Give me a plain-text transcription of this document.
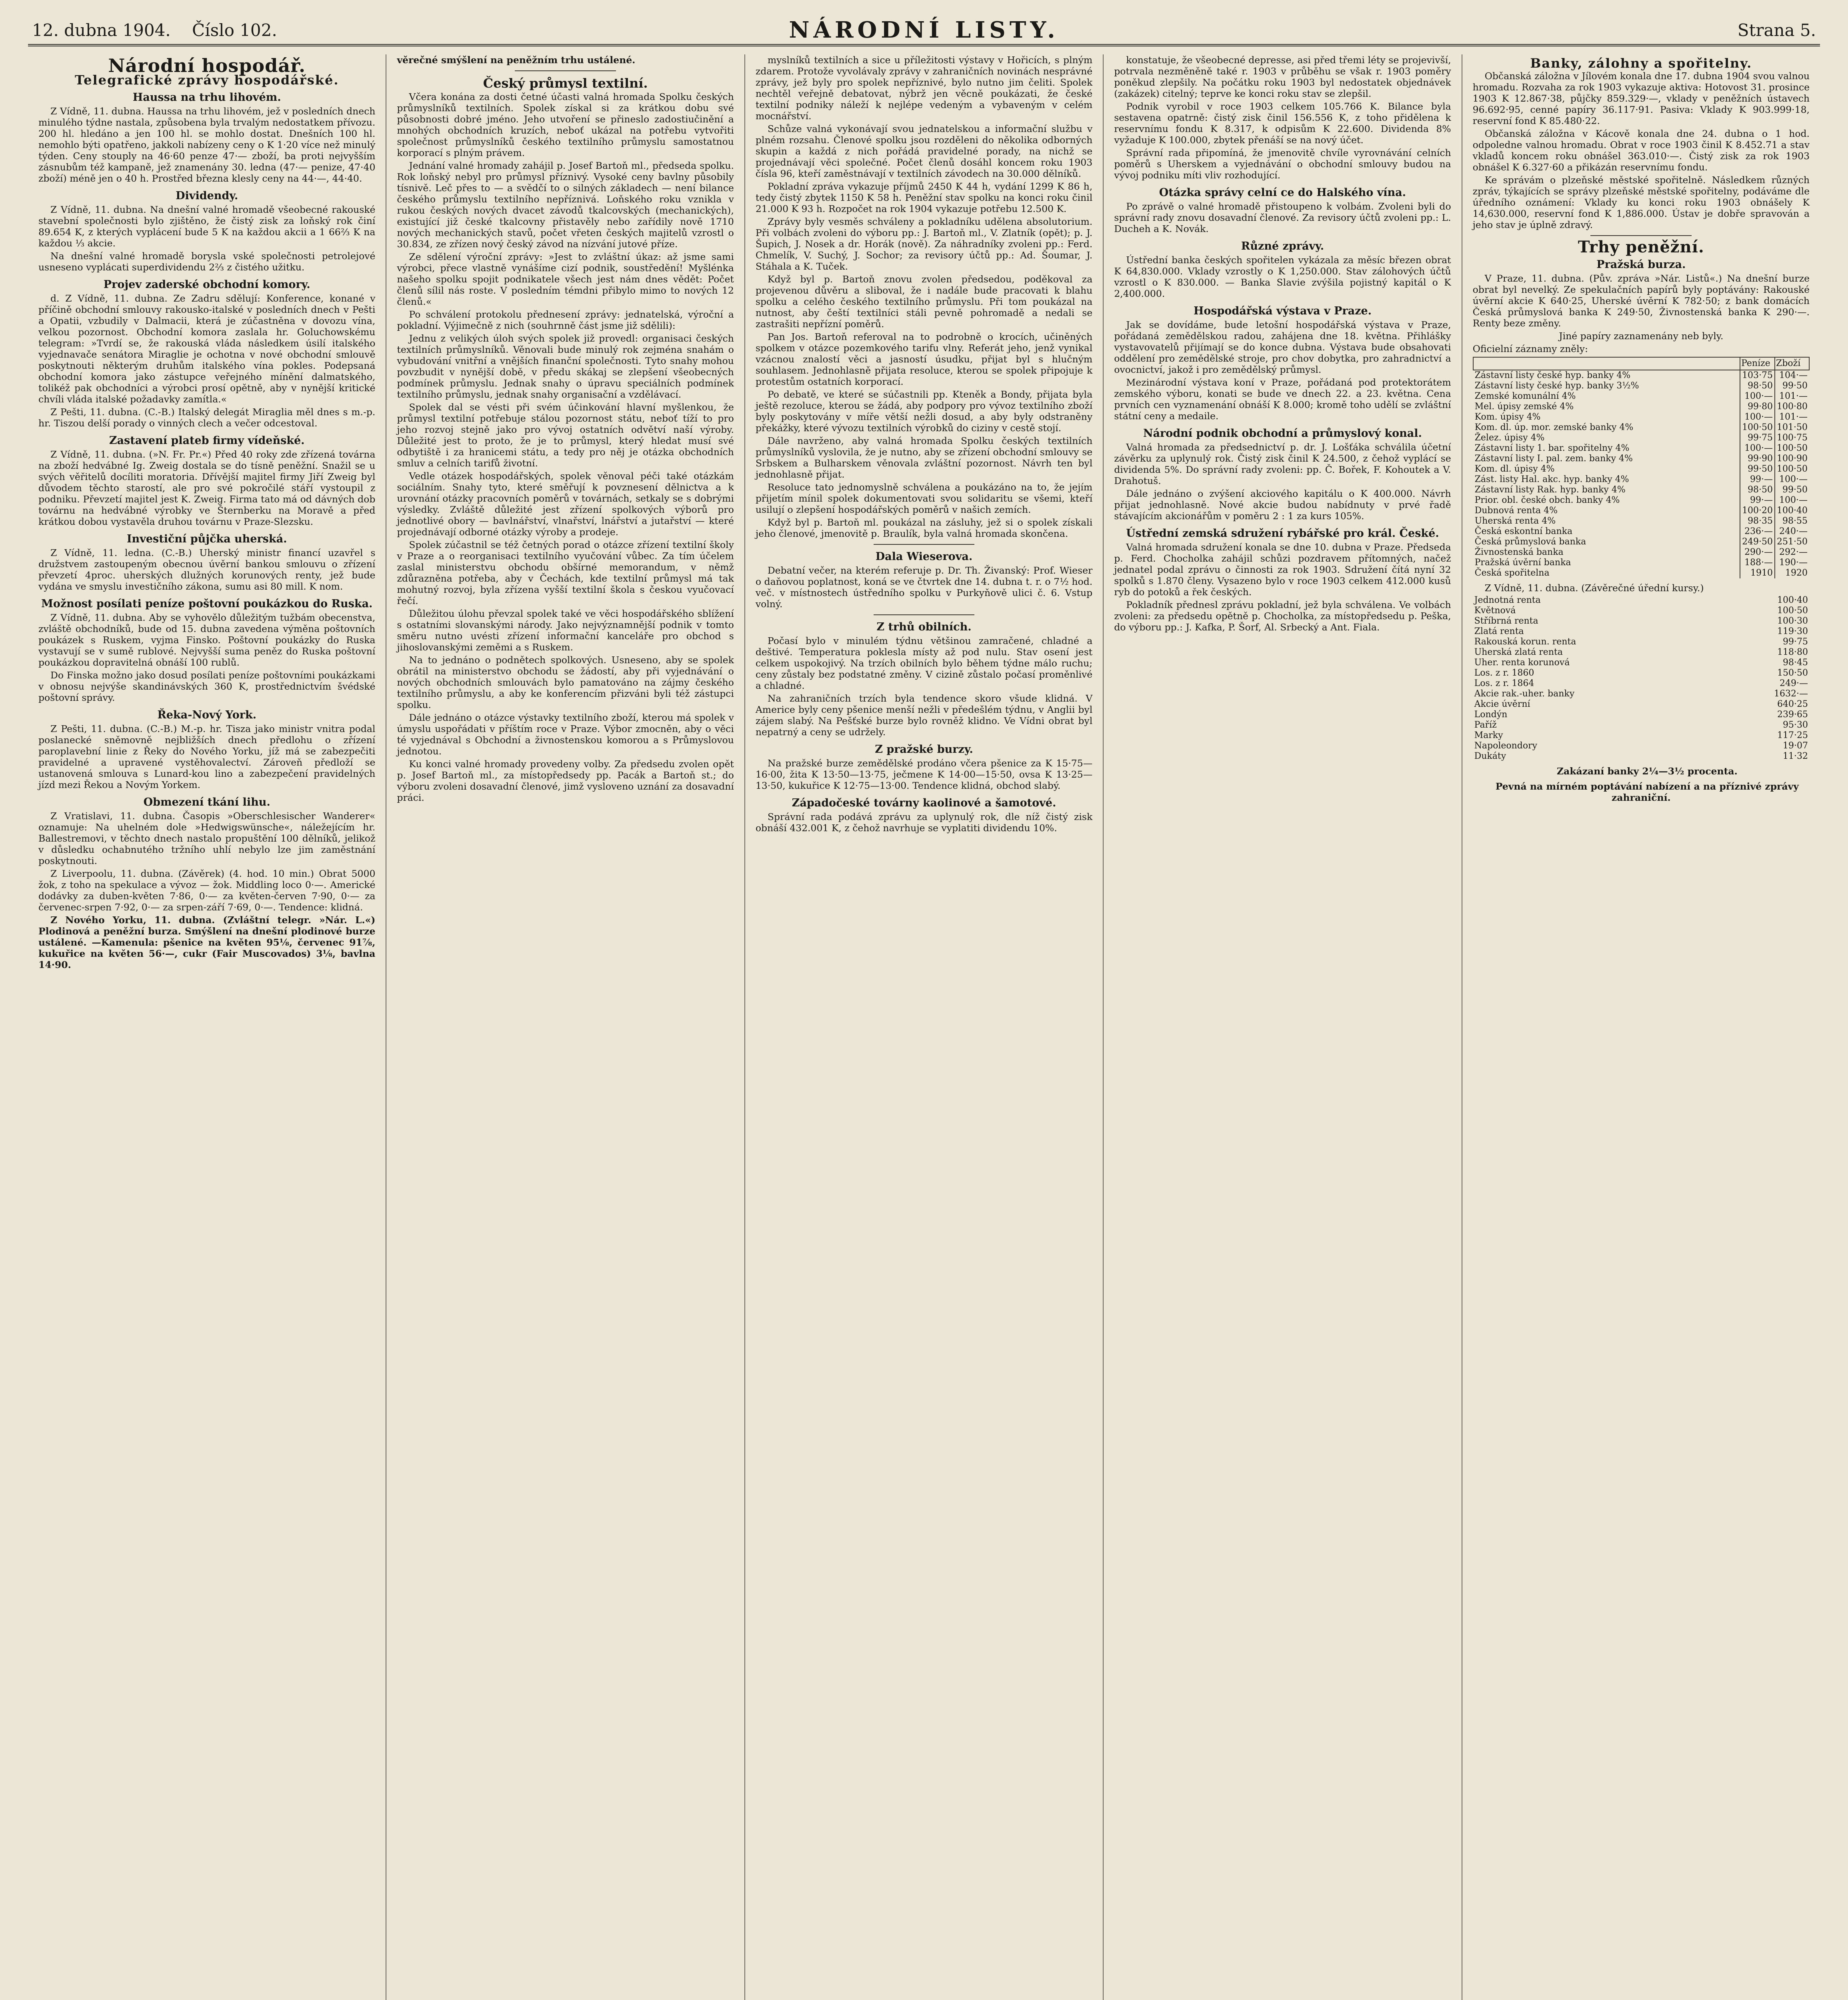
12. dubna 1904. Číslo 102.	NÁRODNÍ LISTY.	Strana 5.
Národní hospodář.
Telegrafické zprávy hospodářské.
Haussa na trhu lihovém.

Z Vídně, 11. dubna. Haussa na trhu lihovém, jež v posledních dnech minulého týdne nastala, způsobena byla trvalým nedostatkem přívozu. 200 hl. hledáno a jen 100 hl. se mohlo dostat. Dnešních 100 hl. nemohlo býti opatřeno, jakkoli nabízeny ceny o K 1·20 více než minulý týden. Ceny stouply na 46·60 penze 47·— zboží, ba proti nejvyšším zásnubům též kampaně, jež znamenány 30. ledna (47·— penize, 47·40 zboží) méně jen o 40 h. Prostřed března klesly ceny na 44·—, 44·40.

Dividendy.

Z Vídně, 11. dubna. Na dnešní valné hromadě všeobecné rakouské stavební společnosti bylo zjištěno, že čistý zisk za loňský rok činí 89.654 K, z kterých vyplácení bude 5 K na každou akcii a 1 66⅔ K na každou ⅓ akcie.

Na dnešní valné hromadě borysla vské společnosti petrolejové usneseno vyplácati superdividendu 2⅔ z čistého užitku.

Projev zaderské obchodní komory.

d. Z Vídně, 11. dubna. Ze Zadru sdělují: Konference, konané v příčině obchodní smlouvy rakousko-italské v posledních dnech v Pešti a Opatii, vzbudily v Dalmacii, která je zúčastněna v dovozu vína, velkou pozornost. Obchodní komora zaslala hr. Goluchowskému telegram: »Tvrdí se, že rakouská vláda následkem úsilí italského vyjednavače senátora Miraglie je ochotna v nové obchodní smlouvě poskytnouti některým druhům italského vína pokles. Podepsaná obchodní komora jako zástupce veřejného mínění dalmatského, tolikéž pak obchodníci a výrobci prosí opětně, aby v nynější kritické chvíli vláda italské požadavky zamítla.«

Z Pešti, 11. dubna. (C.-B.) Italský delegát Miraglia měl dnes s m.-p. hr. Tiszou delší porady o vinných clech a večer odcestoval.

Zastavení plateb firmy vídeňské.

Z Vídně, 11. dubna. (»N. Fr. Pr.«) Před 40 roky zde zřízená továrna na zboží hedvábné Ig. Zweig dostala se do tísně peněžní. Snažil se u svých věřitelů docíliti moratoria. Dřívější majitel firmy Jiří Zweig byl důvodem těchto starostí, ale pro své pokročilé stáří vystoupil z podniku. Převzetí majitel jest K. Zweig. Firma tato má od dávných dob továrnu na hedvábné výrobky ve Šternberku na Moravě a před krátkou dobou vystavěla druhou továrnu v Praze-Slezsku.

Investiční půjčka uherská.

Z Vídně, 11. ledna. (C.-B.) Uherský ministr financí uzavřel s družstvem zastoupeným obecnou úvěrní bankou smlouvu o zřízení převzetí 4proc. uherských dlužných korunových renty, jež bude vydána ve smyslu investičního zákona, sumu asi 80 mill. K nom.

Možnost posílati peníze poštovní poukázkou do Ruska.

Z Vídně, 11. dubna. Aby se vyhovělo důležitým tužbám obecenstva, zvláště obchodníků, bude od 15. dubna zavedena výměna poštovních poukázek s Ruskem, vyjma Finsko. Poštovní poukázky do Ruska vystavují se v sumě rublové. Nejvyšší suma peněz do Ruska poštovní poukázkou dopravitelná obnáší 100 rublů.

Do Finska možno jako dosud posílati peníze poštovními poukázkami v obnosu nejvýše skandinávských 360 K, prostřednictvím švédské poštovní správy.

Řeka-Nový York.

Z Pešti, 11. dubna. (C.-B.) M.-p. hr. Tisza jako ministr vnitra podal poslanecké sněmovně nejbližších dnech předlohu o zřízení paroplavební linie z Řeky do Nového Yorku, jíž má se zabezpečiti pravidelné a upravené vystěhovalectví. Zároveň předloží se ustanovená smlouva s Lunard-kou lino a zabezpečení pravidelných jízd mezi Řekou a Novým Yorkem.

Obmezení tkání lihu.

Z Vratislavi, 11. dubna. Časopis »Oberschlesischer Wanderer« oznamuje: Na uhelném dole »Hedwigswünsche«, náležejícím hr. Ballestremovi, v těchto dnech nastalo propuštění 100 dělníků, jelikož v důsledku ochabnutého tržního uhlí nebylo lze jim zaměstnání poskytnouti.

Z Liverpoolu, 11. dubna. (Závěrek) (4. hod. 10 min.) Obrat 5000 žok, z toho na spekulace a vývoz — žok. Middling loco 0·—. Americké dodávky za duben-květen 7·86, 0·— za květen-červen 7·90, 0·— za červenec-srpen 7·92, 0·— za srpen-září 7·69, 0·—. Tendence: klidná.

Z Nového Yorku, 11. dubna. (Zvláštní telegr. »Nár. L.«) Plodinová a peněžní burza. Smýšlení na dnešní plodinové burze ustálené. —Kamenula: pšenice na květen 95⅛, červenec 91⅞, kukuřice na květen 56·—, cukr (Fair Muscovados) 3⅛, bavlna 14·90.

věrečné smýšlení na peněžním trhu ustálené.

Český průmysl textilní.

Včera konána za dosti četné účasti valná hromada Spolku českých průmyslníků textilních. Spolek získal si za krátkou dobu své působnosti dobré jméno. Jeho utvoření se přineslo zadostiučinění a mnohých obchodních kruzích, neboť ukázal na potřebu vytvořiti společnost průmyslníků českého textilního průmyslu samostatnou korporací s plným právem.

Jednání valné hromady zahájil p. Josef Bartoň ml., předseda spolku. Rok loňský nebyl pro průmysl příznivý. Vysoké ceny bavlny působily tísnivě. Leč přes to — a svědčí to o silných základech — není bilance českého průmyslu textilního nepříznivá. Loňského roku vznikla v rukou českých nových dvacet závodů tkalcovských (mechanických), existující již české tkalcovny přistavěly nebo zařídily nově 1710 nových mechanických stavů, počet vřeten českých majitelů vzrostl o 30.834, ze zřízen nový český závod na nízvání jutové příze.

Ze sdělení výroční zprávy: »Jest to zvláštní úkaz: až jsme sami výrobci, přece vlastně vynášíme cizí podnik, soustředění! Myšlénka našeho spolku spojit podnikatele všech jest nám dnes vědět: Počet členů sílil nás roste. V posledním témdni přibylo mimo to nových 12 členů.«

Po schválení protokolu přednesení zprávy: jednatelská, výroční a pokladní. Výjimečně z nich (souhrnně část jsme již sdělili):

Jednu z velikých úloh svých spolek již provedl: organisaci českých textilních průmyslníků. Věnovali bude minulý rok zejména snahám o vybudování vnitřní a vnějších finanční společnosti. Tyto snahy mohou povzbudit v nynější době, v předu skákaj se zlepšení všeobecných podmínek průmyslu. Jednak snahy o úpravu speciálních podmínek textilního průmyslu, jednak snahy organisační a vzdělávací.

Spolek dal se vésti při svém účinkování hlavní myšlenkou, že průmysl textilní potřebuje stálou pozornost státu, neboť tíží to pro jeho rozvoj stejně jako pro vývoj ostatních odvětví naší výroby. Důležité jest to proto, že je to průmysl, který hledat musí své odbytiště i za hranicemi státu, a tedy pro něj je otázka obchodních smluv a celních tarifů životní.

Vedle otázek hospodářských, spolek věnoval péči také otázkám sociálním. Snahy tyto, které směřují k povznesení dělnictva a k urovnání otázky pracovních poměrů v továrnách, setkaly se s dobrými výsledky. Zvláště důležité jest zřízení spolkových výborů pro jednotlivé obory — bavlnářství, vlnařství, lnářství a jutařství — které projednávají odborné otázky výroby a prodeje.

Spolek zúčastnil se též četných porad o otázce zřízení textilní školy v Praze a o reorganisaci textilního vyučování vůbec. Za tím účelem zaslal ministerstvu obchodu obšírné memorandum, v němž zdůrazněna potřeba, aby v Čechách, kde textilní průmysl má tak mohutný rozvoj, byla zřízena vyšší textilní škola s českou vyučovací řečí.

Důležitou úlohu převzal spolek také ve věci hospodářského sblížení s ostatními slovanskými národy. Jako nejvýznamnější podnik v tomto směru nutno uvésti zřízení informační kanceláře pro obchod s jihoslovanskými zeměmi a s Ruskem.

Na to jednáno o podnětech spolkových. Usneseno, aby se spolek obrátil na ministerstvo obchodu se žádostí, aby při vyjednávání o nových obchodních smlouvách bylo pamatováno na zájmy českého textilního průmyslu, a aby ke konferencím přizváni byli též zástupci spolku.

Dále jednáno o otázce výstavky textilního zboží, kterou má spolek v úmyslu uspořádati v příštím roce v Praze. Výbor zmocněn, aby o věci té vyjednával s Obchodní a živnostenskou komorou a s Průmyslovou jednotou.

Ku konci valné hromady provedeny volby. Za předsedu zvolen opět p. Josef Bartoň ml., za místopředsedy pp. Pacák a Bartoň st.; do výboru zvoleni dosavadní členové, jimž vysloveno uznání za dosavadní práci.

myslníků textilních a sice u příležitosti výstavy v Hořicích, s plným zdarem. Protože vyvolávaly zprávy v zahraničních novinách nesprávné zprávy, jež byly pro spolek nepříznivé, bylo nutno jim čeliti. Spolek nechtěl veřejně debatovat, nýbrž jen věcně poukázati, že české textilní podniky náleží k nejlépe vedeným a vybaveným v celém mocnářství.

Schůze valná vykonávají svou jednatelskou a informační službu v plném rozsahu. Členové spolku jsou rozděleni do několika odborných skupin a každá z nich pořádá pravidelné porady, na nichž se projednávají věci společné. Počet členů dosáhl koncem roku 1903 čísla 96, kteří zaměstnávají v textilních závodech na 30.000 dělníků.

Pokladní zpráva vykazuje příjmů 2450 K 44 h, vydání 1299 K 86 h, tedy čistý zbytek 1150 K 58 h. Peněžní stav spolku na konci roku činil 21.000 K 93 h. Rozpočet na rok 1904 vykazuje potřebu 12.500 K.

Zprávy byly vesměs schváleny a pokladníku udělena absolutorium. Při volbách zvoleni do výboru pp.: J. Bartoň ml., V. Zlatník (opět); p. J. Šupich, J. Nosek a dr. Horák (nově). Za náhradníky zvoleni pp.: Ferd. Chmelík, V. Suchý, J. Sochor; za revisory účtů pp.: Ad. Šoumar, J. Stáhala a K. Tuček.

Když byl p. Bartoň znovu zvolen předsedou, poděkoval za projevenou důvěru a sliboval, že i nadále bude pracovati k blahu spolku a celého českého textilního průmyslu. Při tom poukázal na nutnost, aby čeští textilníci stáli pevně pohromadě a nedali se zastrašiti nepřízní poměrů.

Pan Jos. Bartoň referoval na to podrobně o krocích, učiněných spolkem v otázce pozemkového tarifu vlny. Referát jeho, jenž vynikal vzácnou znalostí věci a jasností úsudku, přijat byl s hlučným souhlasem. Jednohlasně přijata resoluce, kterou se spolek připojuje k protestům ostatních korporací.

Po debatě, ve které se súčastnili pp. Kteněk a Bondy, přijata byla ještě rezoluce, kterou se žádá, aby podpory pro vývoz textilního zboží byly poskytovány v míře větší nežli dosud, a aby byly odstraněny překážky, které vývozu textilních výrobků do ciziny v cestě stojí.

Dále navrženo, aby valná hromada Spolku českých textilních průmyslníků vyslovila, že je nutno, aby se zřízení obchodní smlouvy se Srbskem a Bulharskem věnovala zvláštní pozornost. Návrh ten byl jednohlasně přijat.

Resoluce tato jednomyslně schválena a poukázáno na to, že jejím přijetím mínil spolek dokumentovati svou solidaritu se všemi, kteří usilují o zlepšení hospodářských poměrů v našich zemích.

Když byl p. Bartoň ml. poukázal na zásluhy, jež si o spolek získali jeho členové, jmenovitě p. Braulík, byla valná hromada skončena.

Dala Wieserova.

Debatní večer, na kterém referuje p. Dr. Th. Živanský: Prof. Wieser o daňovou poplatnost, koná se ve čtvrtek dne 14. dubna t. r. o 7½ hod. več. v místnostech ústředního spolku v Purkyňově ulici č. 6. Vstup volný.

Z trhů obilních.

Počasí bylo v minulém týdnu většinou zamračené, chladné a deštivé. Temperatura poklesla místy až pod nulu. Stav osení jest celkem uspokojivý. Na trzích obilních bylo během týdne málo ruchu; ceny zůstaly bez podstatné změny. V cizině zůstalo počasí proměnlivé a chladné.

Na zahraničních trzích byla tendence skoro všude klidná. V Americe byly ceny pšenice menší nežli v předešlém týdnu, v Anglii byl zájem slabý. Na Pešťské burze bylo rovněž klidno. Ve Vídni obrat byl nepatrný a ceny se udržely.

Z pražské burzy.

Na pražské burze zemědělské prodáno včera pšenice za K 15·75—16·00, žita K 13·50—13·75, ječmene K 14·00—15·50, ovsa K 13·25—13·50, kukuřice K 12·75—13·00. Tendence klidná, obchod slabý.

Západočeské továrny kaolinové a šamotové.

Správní rada podává zprávu za uplynulý rok, dle níž čistý zisk obnáší 432.001 K, z čehož navrhuje se vyplatiti dividendu 10%.

konstatuje, že všeobecné depresse, asi před třemi léty se projevivší, potrvala nezměněně také r. 1903 v průběhu se však r. 1903 poměry poněkud zlepšily. Na počátku roku 1903 byl nedostatek objednávek (zakázek) citelný; teprve ke konci roku stav se zlepšil.

Podnik vyrobil v roce 1903 celkem 105.766 K. Bilance byla sestavena opatrně: čistý zisk činil 156.556 K, z toho přidělena k reservnímu fondu K 8.317, k odpisům K 22.600. Dividenda 8% vyžaduje K 100.000, zbytek přenáší se na nový účet.

Správní rada připomíná, že jmenovitě chvíle vyrovnávání celních poměrů s Uherskem a vyjednávání o obchodní smlouvy budou na vývoj podniku míti vliv rozhodující.

Otázka správy celní ce do Halského vína.

Po zprávě o valné hromadě přistoupeno k volbám. Zvoleni byli do správní rady znovu dosavadní členové. Za revisory účtů zvoleni pp.: L. Ducheh a K. Novák.

Různé zprávy.

Ústřední banka českých spořitelen vykázala za měsíc březen obrat K 64,830.000. Vklady vzrostly o K 1,250.000. Stav zálohových účtů vzrostl o K 830.000. — Banka Slavie zvýšila pojistný kapitál o K 2,400.000.

Hospodářská výstava v Praze.

Jak se dovídáme, bude letošní hospodářská výstava v Praze, pořádaná zemědělskou radou, zahájena dne 18. května. Přihlášky vystavovatelů přijímají se do konce dubna. Výstava bude obsahovati oddělení pro zemědělské stroje, pro chov dobytka, pro zahradnictví a ovocnictví, jakož i pro zemědělský průmysl.

Mezinárodní výstava koní v Praze, pořádaná pod protektorátem zemského výboru, konati se bude ve dnech 22. a 23. května. Cena prvních cen vyznamenání obnáší K 8.000; kromě toho udělí se zvláštní státní ceny a medaile.

Národní podnik obchodní a průmyslový konal.

Valná hromada za předsednictví p. dr. J. Lošťáka schválila účetní závěrku za uplynulý rok. Čistý zisk činil K 24.500, z čehož vyplácí se dividenda 5%. Do správní rady zvoleni: pp. Č. Bořek, F. Kohoutek a V. Drahotuš.

Dále jednáno o zvýšení akciového kapitálu o K 400.000. Návrh přijat jednohlasně. Nové akcie budou nabídnuty v prvé řadě stávajícím akcionářům v poměru 2 : 1 za kurs 105%.

Ústřední zemská sdružení rybářské pro král. České.

Valná hromada sdružení konala se dne 10. dubna v Praze. Předseda p. Ferd. Chocholka zahájil schůzi pozdravem přítomných, načež jednatel podal zprávu o činnosti za rok 1903. Sdružení čítá nyní 32 spolků s 1.870 členy. Vysazeno bylo v roce 1903 celkem 412.000 kusů ryb do potoků a řek českých.

Pokladník přednesl zprávu pokladní, jež byla schválena. Ve volbách zvoleni: za předsedu opětně p. Chocholka, za místopředsedu p. Peška, do výboru pp.: J. Kafka, P. Šorf, Al. Srbecký a Ant. Fiala.

Banky, zálohny a spořitelny.

Občanská záložna v Jílovém konala dne 17. dubna 1904 svou valnou hromadu. Rozvaha za rok 1903 vykazuje aktiva: Hotovost 31. prosince 1903 K 12.867·38, půjčky 859.329·—, vklady v peněžních ústavech 96.692·95, cenné papíry 36.117·91. Pasiva: Vklady K 903.999·18, reservní fond K 85.480·22.

Občanská záložna v Kácově konala dne 24. dubna o 1 hod. odpoledne valnou hromadu. Obrat v roce 1903 činil K 8.452.71 a stav vkladů koncem roku obnášel 363.010·—. Čistý zisk za rok 1903 obnášel K 6.327·60 a přikázán reservnímu fondu.

Ke správám o plzeňské městské spořitelně. Následkem různých zpráv, týkajících se správy plzeňské městské spořitelny, podáváme dle úředního oznámení: Vklady ku konci roku 1903 obnášely K 14,630.000, reservní fond K 1,886.000. Ústav je dobře spravován a jeho stav je úplně zdravý.

Trhy peněžní.
Pražská burza.

V Praze, 11. dubna. (Pův. zpráva »Nár. Listů«.) Na dnešní burze obrat byl nevelký. Ze spekulačních papírů byly poptávány: Rakouské úvěrní akcie K 640·25, Uherské úvěrní K 782·50; z bank domácích Česká průmyslová banka K 249·50, Živnostenská banka K 290·—. Renty beze změny.

Jiné papíry zaznamenány neb byly.

Oficielní záznamy zněly:

	Peníze	Zboží
Zástavní listy české hyp. banky 4%	103·75	104·—
Zástavní listy české hyp. banky 3½%	98·50	99·50
Zemské komunální 4%	100·—	101·—
Mel. úpisy zemské 4%	99·80	100·80
Kom. úpisy 4%	100·—	101·—
Kom. dl. úp. mor. zemské banky 4%	100·50	101·50
Želez. úpisy 4%	99·75	100·75
Zástavní listy 1. bar. spořitelny 4%	100·—	100·50
Zástavní listy I. pal. zem. banky 4%	99·90	100·90
Kom. dl. úpisy 4%	99·50	100·50
Zást. listy Hal. akc. hyp. banky 4%	99·—	100·—
Zástavní listy Rak. hyp. banky 4%	98·50	99·50
Prior. obl. české obch. banky 4%	99·—	100·—
Dubnová renta 4%	100·20	100·40
Uherská renta 4%	98·35	98·55
Česká eskontní banka	236·—	240·—
Česká průmyslová banka	249·50	251·50
Živnostenská banka	290·—	292·—
Pražská úvěrní banka	188·—	190·—
Česká spořitelna	1910	1920

Z Vídně, 11. dubna. (Závěrečné úřední kursy.)

Jednotná renta	100·40
Květnová	100·50
Stříbrná renta	100·30
Zlatá renta	119·30
Rakouská korun. renta	99·75
Uherská zlatá renta	118·80
Uher. renta korunová	98·45
Los. z r. 1860	150·50
Los. z r. 1864	249·—
Akcie rak.-uher. banky	1632·—
Akcie úvěrní	640·25
Londýn	239·65
Paříž	95·30
Marky	117·25
Napoleondory	19·07
Dukáty	11·32

Zakázaní banky 2¼—3½ procenta.

Pevná na mírném poptávání nabízení a na příznivé zprávy zahraniční.
